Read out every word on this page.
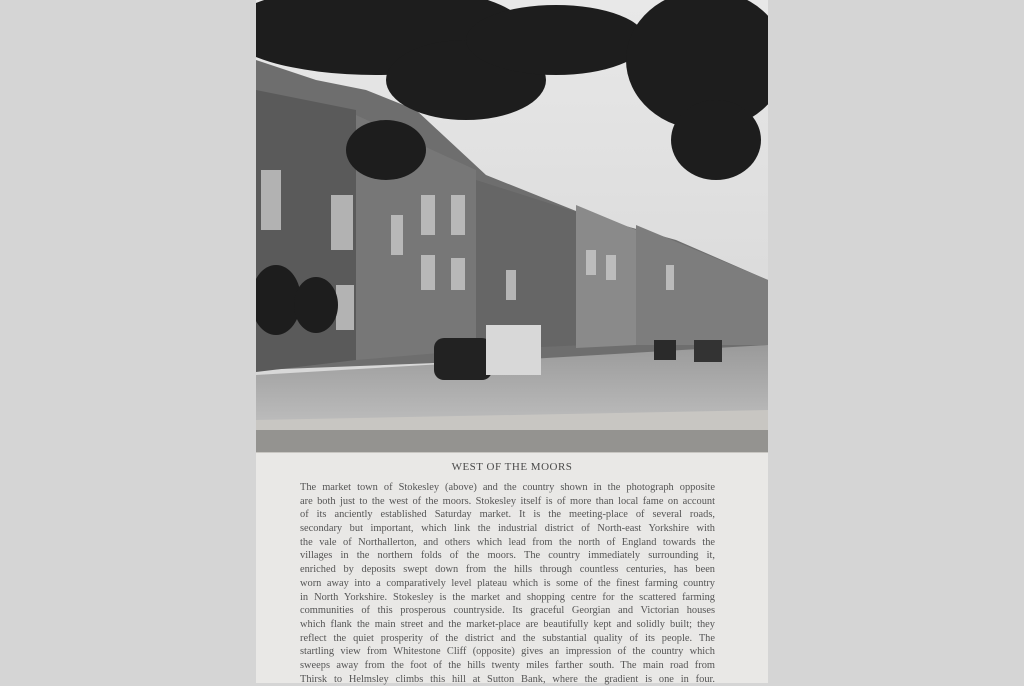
WEST OF THE MOORS
The market town of Stokesley (above) and the country shown in the photograph opposite
are both just to the west of the moors. Stokesley itself is of more than local fame on account
of its anciently established Saturday market. It is the meeting-place of several roads,
secondary but important, which link the industrial district of North-east Yorkshire with
the vale of Northallerton, and others which lead from the north of England towards the
villages in the northern folds of the moors. The country immediately surrounding it,
enriched by deposits swept down from the hills through countless centuries, has been
worn away into a comparatively level plateau which is some of the finest farming country
in North Yorkshire. Stokesley is the market and shopping centre for the scattered farming
communities of this prosperous countryside. Its graceful Georgian and Victorian houses
which flank the main street and the market-place are beautifully kept and solidly built; they
reflect the quiet prosperity of the district and the substantial quality of its people. The
startling view from Whitestone Cliff (opposite) gives an impression of the country which
sweeps away from the foot of the hills twenty miles farther south. The main road from
Thirsk to Helmsley climbs this hill at Sutton Bank, where the gradient is one in four.
